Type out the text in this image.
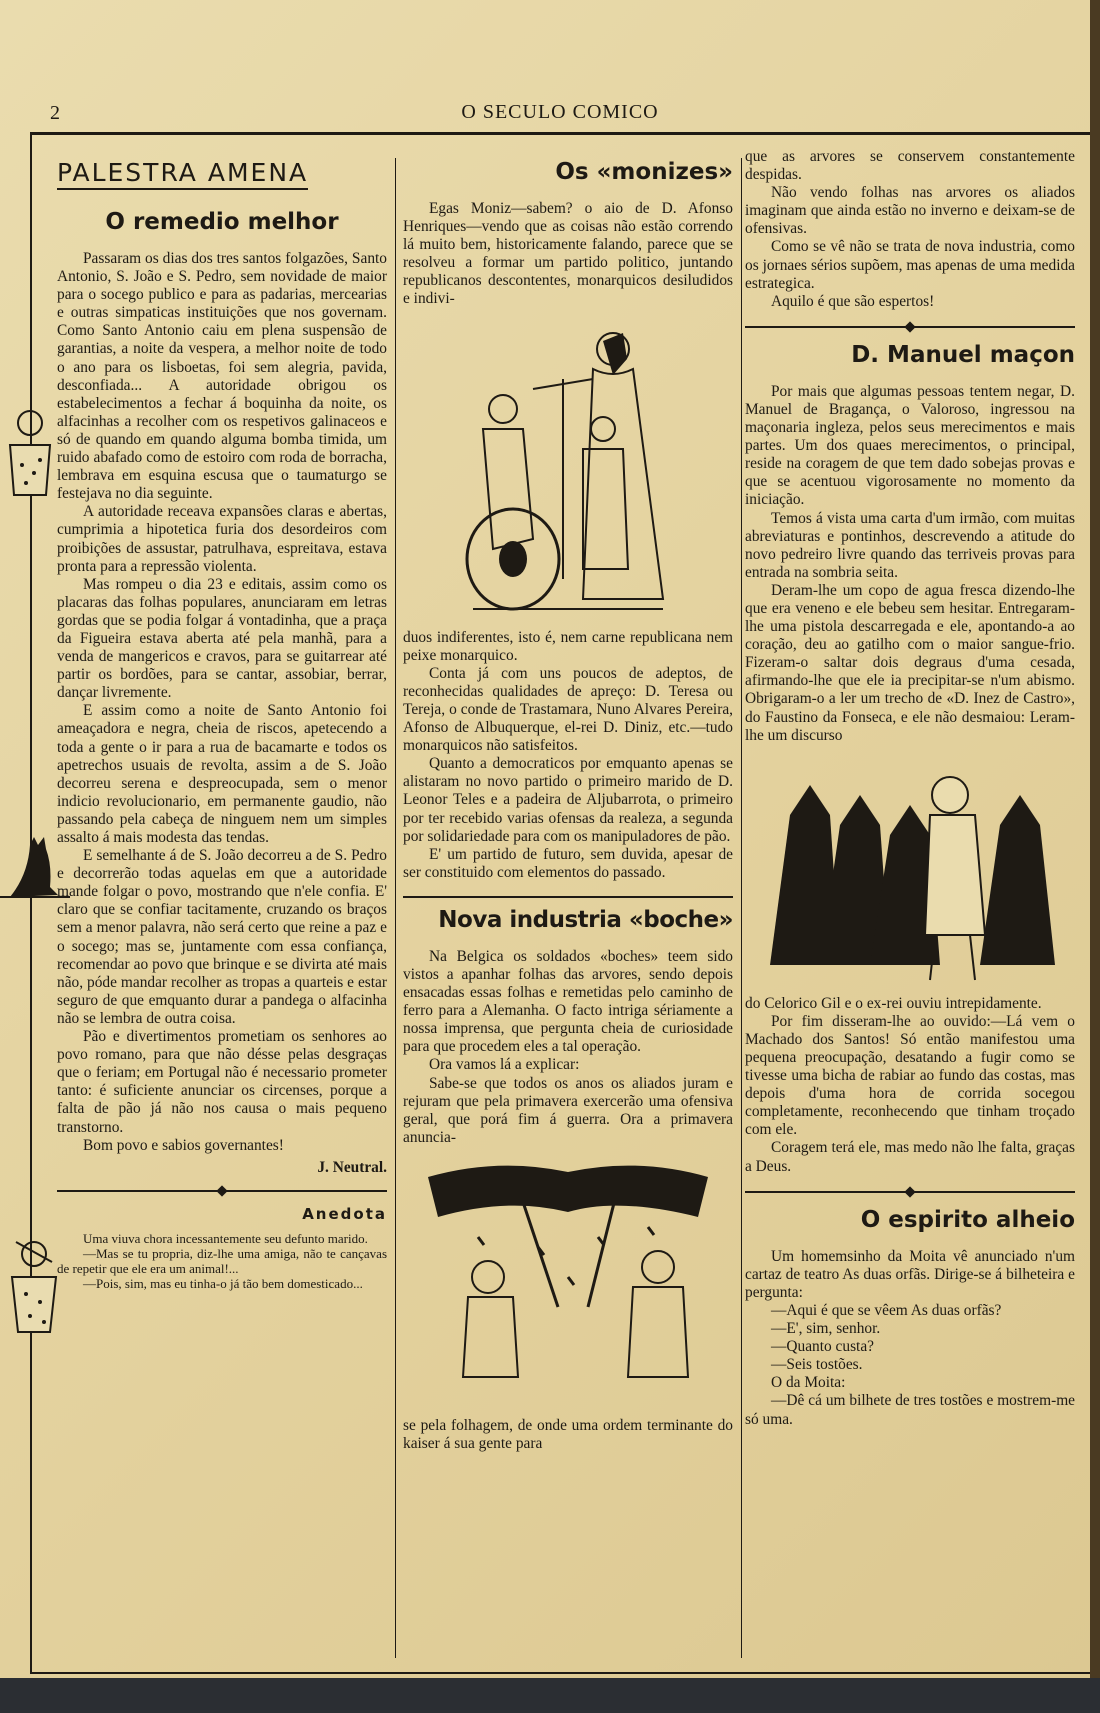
2	O SECULO COMICO
PALESTRA AMENA
O remedio melhor

Passaram os dias dos tres santos folgazões, Santo Antonio, S. João e S. Pedro, sem novidade de maior para o socego publico e para as padarias, mercearias e outras simpaticas instituições que nos governam. Como Santo Antonio caiu em plena suspensão de garantias, a noite da vespera, a melhor noite de todo o ano para os lisboetas, foi sem alegria, pavida, desconfiada... A autoridade obrigou os estabelecimentos a fechar á boquinha da noite, os alfacinhas a recolher com os respetivos galinaceos e só de quando em quando alguma bomba timida, um ruido abafado como de estoiro com roda de borracha, lembrava em esquina escusa que o taumaturgo se festejava no dia seguinte.

A autoridade receava expansões claras e abertas, cumprimia a hipotetica furia dos desordeiros com proibições de assustar, patrulhava, espreitava, estava pronta para a repressão violenta.

Mas rompeu o dia 23 e editais, assim como os placaras das folhas populares, anunciaram em letras gordas que se podia folgar á vontadinha, que a praça da Figueira estava aberta até pela manhã, para a venda de mangericos e cravos, para se guitarrear até partir os bordões, para se cantar, assobiar, berrar, dançar livremente.

E assim como a noite de Santo Antonio foi ameaçadora e negra, cheia de riscos, apetecendo a toda a gente o ir para a rua de bacamarte e todos os apetrechos usuais de revolta, assim a de S. João decorreu serena e despreocupada, sem o menor indicio revolucionario, em permanente gaudio, não passando pela cabeça de ninguem nem um simples assalto á mais modesta das tendas.

E semelhante á de S. João decorreu a de S. Pedro e decorrerão todas aquelas em que a autoridade mande folgar o povo, mostrando que n'ele confia. E' claro que se confiar tacitamente, cruzando os braços sem a menor palavra, não será certo que reine a paz e o socego; mas se, juntamente com essa confiança, recomendar ao povo que brinque e se divirta até mais não, póde mandar recolher as tropas a quarteis e estar seguro de que emquanto durar a pandega o alfacinha não se lembra de outra coisa.

Pão e divertimentos prometiam os senhores ao povo romano, para que não désse pelas desgraças que o feriam; em Portugal não é necessario prometer tanto: é suficiente anunciar os circenses, porque a falta de pão já não nos causa o mais pequeno transtorno.

Bom povo e sabios governantes!

J. Neutral.
Anedota

Uma viuva chora incessantemente seu defunto marido.

—Mas se tu propria, diz-lhe uma amiga, não te cançavas de repetir que ele era um animal!...

—Pois, sim, mas eu tinha-o já tão bem domesticado...

Os «monizes»

Egas Moniz—sabem? o aio de D. Afonso Henriques—vendo que as coisas não estão correndo lá muito bem, historicamente falando, parece que se resolveu a formar um partido politico, juntando republicanos descontentes, monarquicos desiludidos e indivi-

duos indiferentes, isto é, nem carne republicana nem peixe monarquico.

Conta já com uns poucos de adeptos, de reconhecidas qualidades de apreço: D. Teresa ou Tereja, o conde de Trastamara, Nuno Alvares Pereira, Afonso de Albuquerque, el-rei D. Diniz, etc.—tudo monarquicos não satisfeitos.

Quanto a democraticos por emquanto apenas se alistaram no novo partido o primeiro marido de D. Leonor Teles e a padeira de Aljubarrota, o primeiro por ter recebido varias ofensas da realeza, a segunda por solidariedade para com os manipuladores de pão.

E' um partido de futuro, sem duvida, apesar de ser constituido com elementos do passado.

Nova industria «boche»

Na Belgica os soldados «boches» teem sido vistos a apanhar folhas das arvores, sendo depois ensacadas essas folhas e remetidas pelo caminho de ferro para a Alemanha. O facto intriga sériamente a nossa imprensa, que pergunta cheia de curiosidade para que procedem eles a tal operação.

Ora vamos lá a explicar:

Sabe-se que todos os anos os aliados juram e rejuram que pela primavera exercerão uma ofensiva geral, que porá fim á guerra. Ora a primavera anuncia-

se pela folhagem, de onde uma ordem terminante do kaiser á sua gente para

que as arvores se conservem constantemente despidas.

Não vendo folhas nas arvores os aliados imaginam que ainda estão no inverno e deixam-se de ofensivas.

Como se vê não se trata de nova industria, como os jornaes sérios supõem, mas apenas de uma medida estrategica.

Aquilo é que são espertos!

D. Manuel maçon

Por mais que algumas pessoas tentem negar, D. Manuel de Bragança, o Valoroso, ingressou na maçonaria ingleza, pelos seus merecimentos e mais partes. Um dos quaes merecimentos, o principal, reside na coragem de que tem dado sobejas provas e que se acentuou vigorosamente no momento da iniciação.

Temos á vista uma carta d'um irmão, com muitas abreviaturas e pontinhos, descrevendo a atitude do novo pedreiro livre quando das terriveis provas para entrada na sombria seita.

Deram-lhe um copo de agua fresca dizendo-lhe que era veneno e ele bebeu sem hesitar. Entregaram-lhe uma pistola descarregada e ele, apontando-a ao coração, deu ao gatilho com o maior sangue-frio. Fizeram-o saltar dois degraus d'uma cesada, afirmando-lhe que ele ia precipitar-se n'um abismo. Obrigaram-o a ler um trecho de «D. Inez de Castro», do Faustino da Fonseca, e ele não desmaiou: Leram-lhe um discurso

do Celorico Gil e o ex-rei ouviu intrepidamente.

Por fim disseram-lhe ao ouvido:—Lá vem o Machado dos Santos! Só então manifestou uma pequena preocupação, desatando a fugir como se tivesse uma bicha de rabiar ao fundo das costas, mas depois d'uma hora de corrida socegou completamente, reconhecendo que tinham troçado com ele.

Coragem terá ele, mas medo não lhe falta, graças a Deus.

O espirito alheio

Um homemsinho da Moita vê anunciado n'um cartaz de teatro As duas orfãs. Dirige-se á bilheteira e pergunta:

—Aqui é que se vêem As duas orfãs?

—E', sim, senhor.

—Quanto custa?

—Seis tostões.

O da Moita:

—Dê cá um bilhete de tres tostões e mostrem-me só uma.
